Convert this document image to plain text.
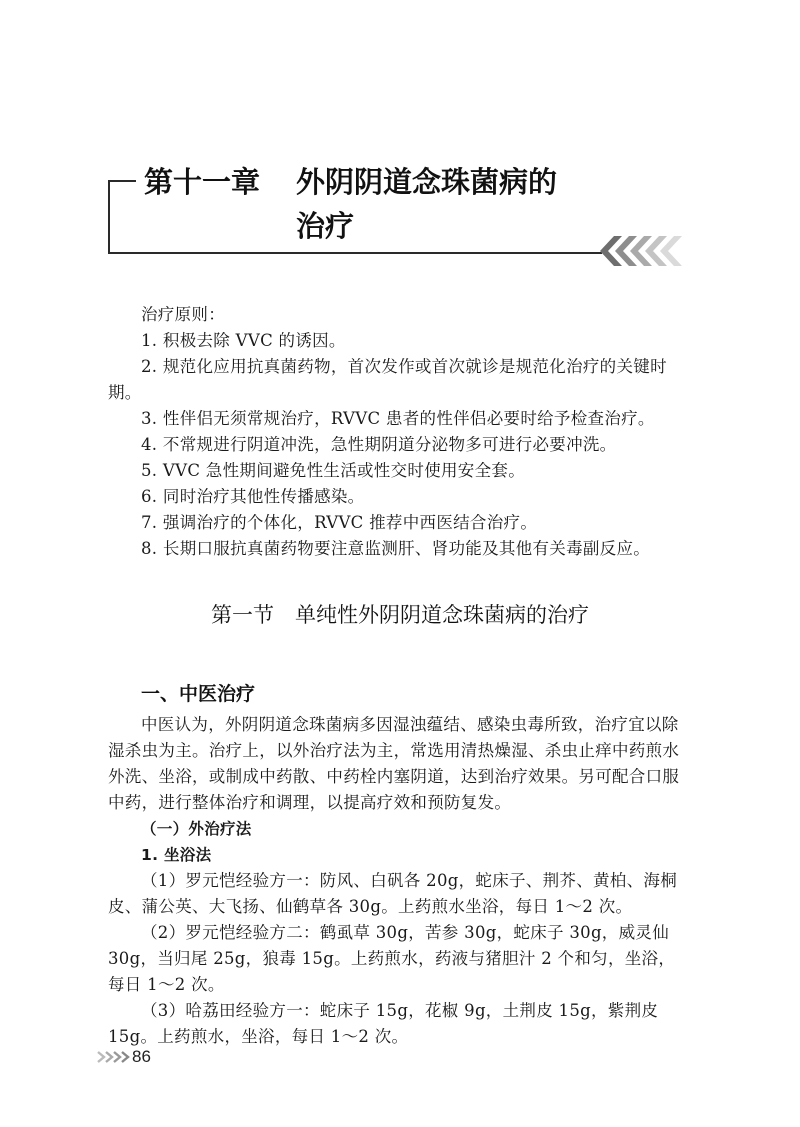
第十一章 外阴阴道念珠菌病的
治疗

治疗原则：

1. 积极去除 VVC 的诱因。

2. 规范化应用抗真菌药物，首次发作或首次就诊是规范化治疗的关键时期。

3. 性伴侣无须常规治疗，RVVC 患者的性伴侣必要时给予检查治疗。

4. 不常规进行阴道冲洗，急性期阴道分泌物多可进行必要冲洗。

5. VVC 急性期间避免性生活或性交时使用安全套。

6. 同时治疗其他性传播感染。

7. 强调治疗的个体化，RVVC 推荐中西医结合治疗。

8. 长期口服抗真菌药物要注意监测肝、肾功能及其他有关毒副反应。

第一节　单纯性外阴阴道念珠菌病的治疗
一、中医治疗

中医认为，外阴阴道念珠菌病多因湿浊蕴结、感染虫毒所致，治疗宜以除湿杀虫为主。治疗上，以外治疗法为主，常选用清热燥湿、杀虫止痒中药煎水外洗、坐浴，或制成中药散、中药栓内塞阴道，达到治疗效果。另可配合口服中药，进行整体治疗和调理，以提高疗效和预防复发。

（一）外治疗法

1. 坐浴法

（1）罗元恺经验方一：防风、白矾各 20g，蛇床子、荆芥、黄柏、海桐皮、蒲公英、大飞扬、仙鹤草各 30g。上药煎水坐浴，每日 1～2 次。

（2）罗元恺经验方二：鹤虱草 30g，苦参 30g，蛇床子 30g，威灵仙 30g，当归尾 25g，狼毒 15g。上药煎水，药液与猪胆汁 2 个和匀，坐浴，每日 1～2 次。

（3）哈荔田经验方一：蛇床子 15g，花椒 9g，土荆皮 15g，紫荆皮 15g。上药煎水，坐浴，每日 1～2 次。

86
